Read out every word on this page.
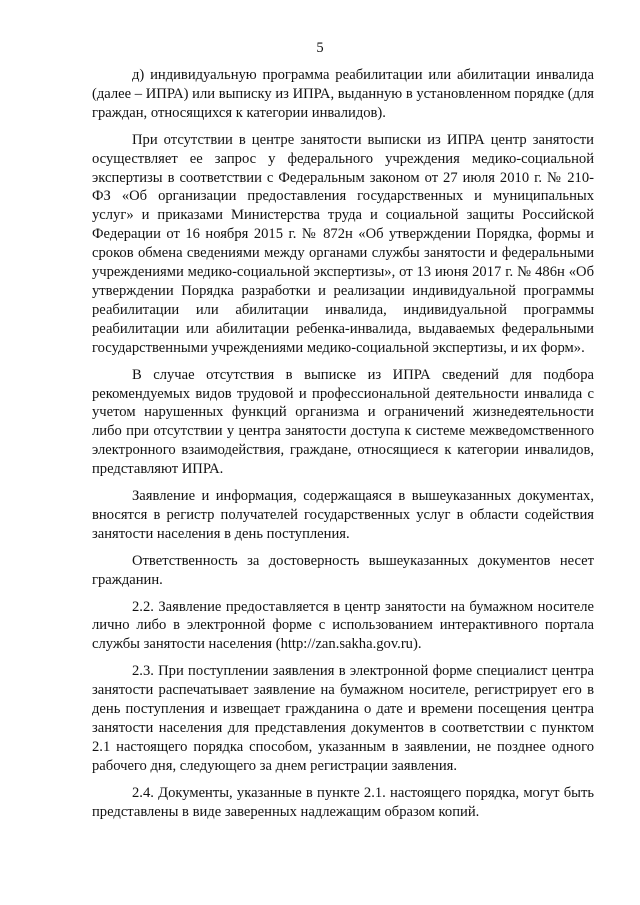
5

д) индивидуальную программа реабилитации или абилитации инвалида (далее – ИПРА) или выписку из ИПРА, выданную в установленном порядке (для граждан, относящихся к категории инвалидов).

При отсутствии в центре занятости выписки из ИПРА центр занятости осуществляет ее запрос у федерального учреждения медико-социальной экспертизы в соответствии с Федеральным законом от 27 июля 2010 г. № 210-ФЗ «Об организации предоставления государственных и муниципальных услуг» и приказами Министерства труда и социальной защиты Российской Федерации от 16 ноября 2015 г. № 872н «Об утверждении Порядка, формы и сроков обмена сведениями между органами службы занятости и федеральными учреждениями медико-социальной экспертизы», от 13 июня 2017 г. № 486н «Об утверждении Порядка разработки и реализации индивидуальной программы реабилитации или абилитации инвалида, индивидуальной программы реабилитации или абилитации ребенка-инвалида, выдаваемых федеральными государственными учреждениями медико-социальной экспертизы, и их форм».

В случае отсутствия в выписке из ИПРА сведений для подбора рекомендуемых видов трудовой и профессиональной деятельности инвалида с учетом нарушенных функций организма и ограничений жизнедеятельности либо при отсутствии у центра занятости доступа к системе межведомственного электронного взаимодействия, граждане, относящиеся к категории инвалидов, представляют ИПРА.

Заявление и информация, содержащаяся в вышеуказанных документах, вносятся в регистр получателей государственных услуг в области содействия занятости населения в день поступления.

Ответственность за достоверность вышеуказанных документов несет гражданин.

2.2. Заявление предоставляется в центр занятости на бумажном носителе лично либо в электронной форме с использованием интерактивного портала службы занятости населения (http://zan.sakha.gov.ru).

2.3. При поступлении заявления в электронной форме специалист центра занятости распечатывает заявление на бумажном носителе, регистрирует его в день поступления и извещает гражданина о дате и времени посещения центра занятости населения для представления документов в соответствии с пунктом 2.1 настоящего порядка способом, указанным в заявлении, не позднее одного рабочего дня, следующего за днем регистрации заявления.

2.4. Документы, указанные в пункте 2.1. настоящего порядка, могут быть представлены в виде заверенных надлежащим образом копий.
